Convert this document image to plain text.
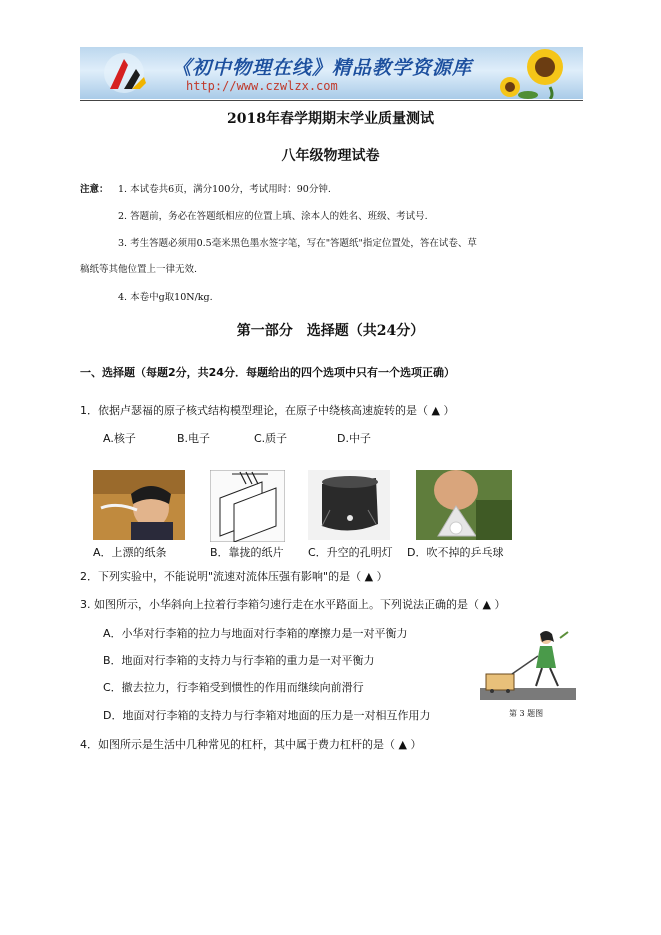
《初中物理在线》精品教学资源库
http://www.czwlzx.com
2018年春学期期末学业质量测试
八年级物理试卷
注意： 1. 本试卷共6页，满分100分，考试用时：90分钟.
2. 答题前，务必在答题纸相应的位置上填、涂本人的姓名、班级、考试号.
3. 考生答题必须用0.5毫米黑色墨水签字笔，写在"答题纸"指定位置处，答在试卷、草
稿纸等其他位置上一律无效.
4. 本卷中g取10N/kg.
第一部分　选择题（共24分）
一、选择题（每题2分，共24分．每题给出的四个选项中只有一个选项正确）
1．依据卢瑟福的原子核式结构模型理论，在原子中绕核高速旋转的是（ ▲ ）
A.核子	B.电子	C.质子	D.中子
A．上漂的纸条	B．靠拢的纸片 C．升空的孔明灯 D．吹不掉的乒乓球
2．下列实验中，不能说明"流速对流体压强有影响"的是（ ▲ ）
3. 如图所示，小华斜向上拉着行李箱匀速行走在水平路面上。下列说法正确的是（ ▲ ）
A．小华对行李箱的拉力与地面对行李箱的摩擦力是一对平衡力
B．地面对行李箱的支持力与行李箱的重力是一对平衡力
C．撤去拉力，行李箱受到惯性的作用而继续向前滑行
D．地面对行李箱的支持力与行李箱对地面的压力是一对相互作用力	第 3 题图
4．如图所示是生活中几种常见的杠杆，其中属于费力杠杆的是（ ▲ ）
